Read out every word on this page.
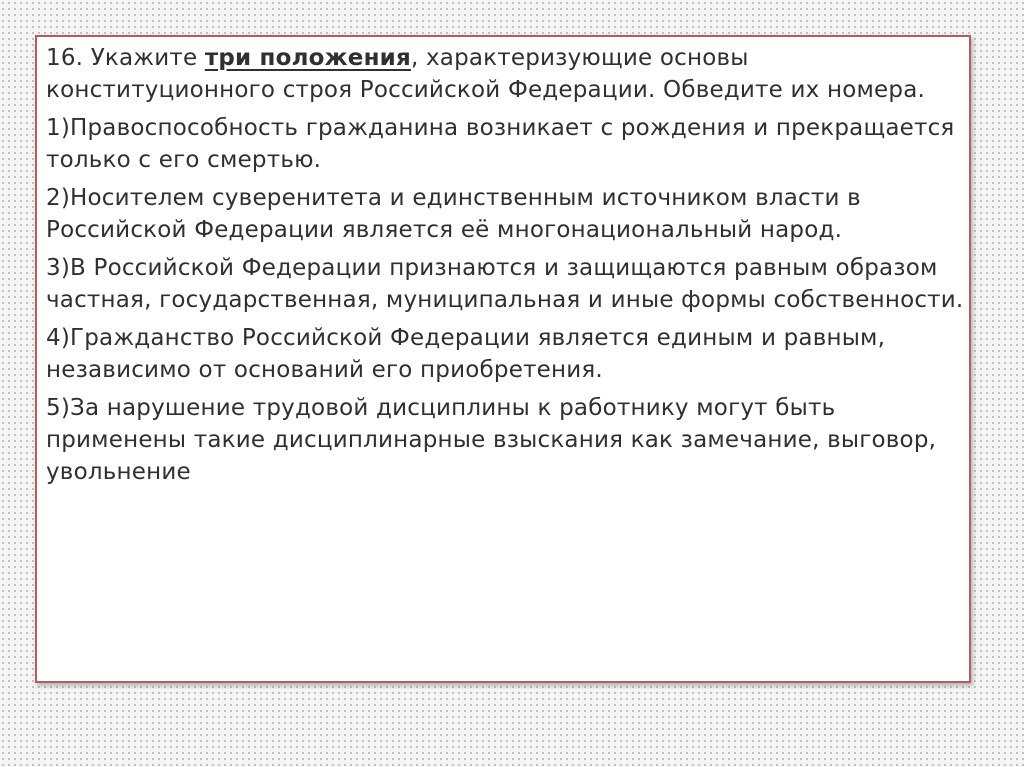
16. Укажите три положения, характеризующие основы конституционного строя Российской Федерации. Обведите их номера.

1)Правоспособность гражданина возникает с рождения и прекращается только с его смертью.

2)Носителем суверенитета и единственным источником власти в Российской Федерации является её многонациональный народ.

3)В Российской Федерации признаются и защищаются равным образом частная, государственная, муниципальная и иные формы собственности.

4)Гражданство Российской Федерации является единым и равным, независимо от оснований его приобретения.

5)За нарушение трудовой дисциплины к работнику могут быть применены такие дисциплинарные взыскания как замечание, выговор, увольнение
